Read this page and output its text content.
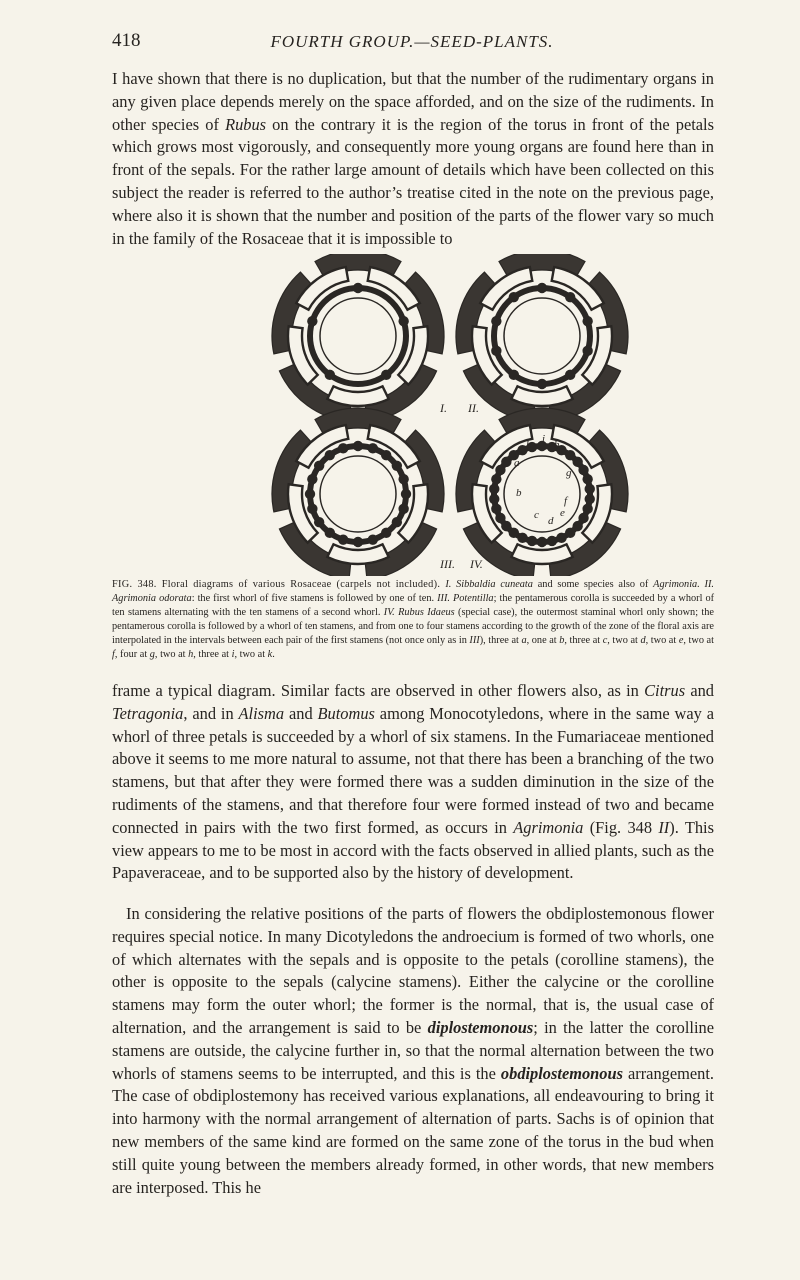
418	FOURTH GROUP.—SEED-PLANTS.

I have shown that there is no duplication, but that the number of the rudimentary organs in any given place depends merely on the space afforded, and on the size of the rudiments. In other species of Rubus on the contrary it is the region of the torus in front of the petals which grows most vigorously, and consequently more young organs are found here than in front of the sepals. For the rather large amount of details which have been collected on this subject the reader is referred to the author’s treatise cited in the note on the previous page, where also it is shown that the number and position of the parts of the flower vary so much in the family of the Rosaceae that it is impossible to

I. II.
III. IV.
h i h
a
g
b
f
c d
e

FIG. 348. Floral diagrams of various Rosaceae (carpels not included). I. Sibbaldia cuneata and some species also of Agrimonia. II. Agrimonia odorata: the first whorl of five stamens is followed by one of ten. III. Potentilla; the pentamerous corolla is succeeded by a whorl of ten stamens alternating with the ten stamens of a second whorl. IV. Rubus Idaeus (special case), the outermost staminal whorl only shown; the pentamerous corolla is followed by a whorl of ten stamens, and from one to four stamens according to the growth of the zone of the floral axis are interpolated in the intervals between each pair of the first stamens (not once only as in III), three at a, one at b, three at c, two at d, two at e, two at f, four at g, two at h, three at i, two at k.

frame a typical diagram. Similar facts are observed in other flowers also, as in Citrus and Tetragonia, and in Alisma and Butomus among Monocotyledons, where in the same way a whorl of three petals is succeeded by a whorl of six stamens. In the Fumariaceae mentioned above it seems to me more natural to assume, not that there has been a branching of the two stamens, but that after they were formed there was a sudden diminution in the size of the rudiments of the stamens, and that therefore four were formed instead of two and became connected in pairs with the two first formed, as occurs in Agrimonia (Fig. 348 II). This view appears to me to be most in accord with the facts observed in allied plants, such as the Papaveraceae, and to be supported also by the history of development.

In considering the relative positions of the parts of flowers the obdiplostemonous flower requires special notice. In many Dicotyledons the androecium is formed of two whorls, one of which alternates with the sepals and is opposite to the petals (corolline stamens), the other is opposite to the sepals (calycine stamens). Either the calycine or the corolline stamens may form the outer whorl; the former is the normal, that is, the usual case of alternation, and the arrangement is said to be diplostemonous; in the latter the corolline stamens are outside, the calycine further in, so that the normal alternation between the two whorls of stamens seems to be interrupted, and this is the obdiplostemonous arrangement. The case of obdiplostemony has received various explanations, all endeavouring to bring it into harmony with the normal arrangement of alternation of parts. Sachs is of opinion that new members of the same kind are formed on the same zone of the torus in the bud when still quite young between the members already formed, in other words, that new members are interposed. This he
